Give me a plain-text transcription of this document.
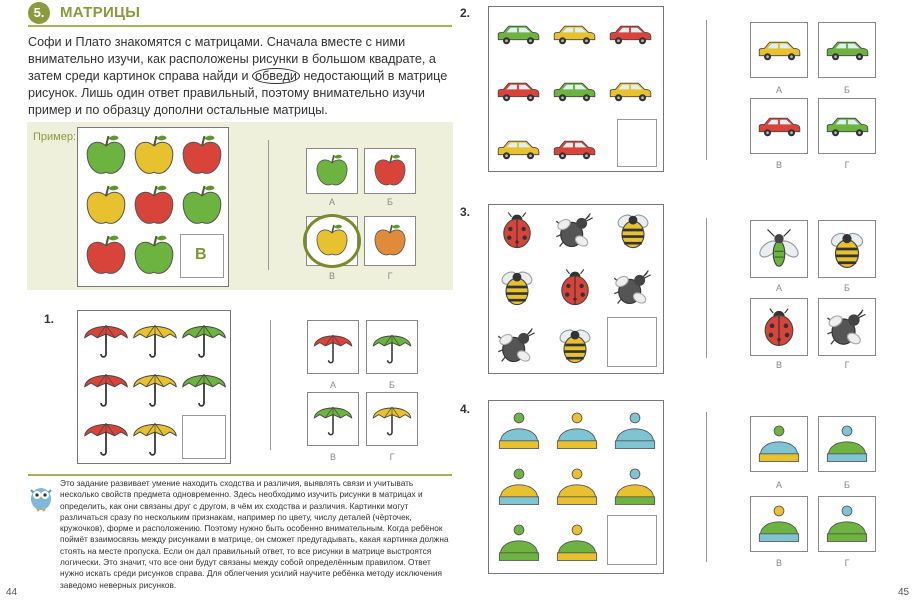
5.	МАТРИЦЫ
Софи и Плато знакомятся с матрицами. Сначала вместе с ними внимательно изучи, как расположены рисунки в большом квадрате, а затем среди картинок справа найди и обведи недостающий в матрице рисунок. Лишь один ответ правильный, поэтому внимательно изучи пример и по образцу дополни остальные матрицы.
Пример:
В
А	Б
В	Г
1.
А	Б
В	Г
Это задание развивает умение находить сходства и различия, выявлять связи и учитывать несколько свойств предмета одновременно. Здесь необходимо изучить рисунки в матрицах и определить, как они связаны друг с другом, в чём их сходства и различия. Картинки могут различаться сразу по нескольким признакам, например по цвету, числу деталей (чёрточек, кружочков), форме и расположению. Поэтому нужно быть особенно внимательным. Когда ребёнок поймёт взаимосвязь между рисунками в матрице, он сможет предугадывать, какая картинка должна стоять на месте пропуска. Если он дал правильный ответ, то все рисунки в матрице выстроятся логически. Это значит, что все они будут связаны между собой определённым правилом. Ответ нужно искать среди рисунков справа. Для облегчения усилий научите ребёнка методу исключения заведомо неверных рисунков.
44
2.
А	Б
В	Г
3.
А	Б
В	Г
4.
А	Б
В	Г
45
